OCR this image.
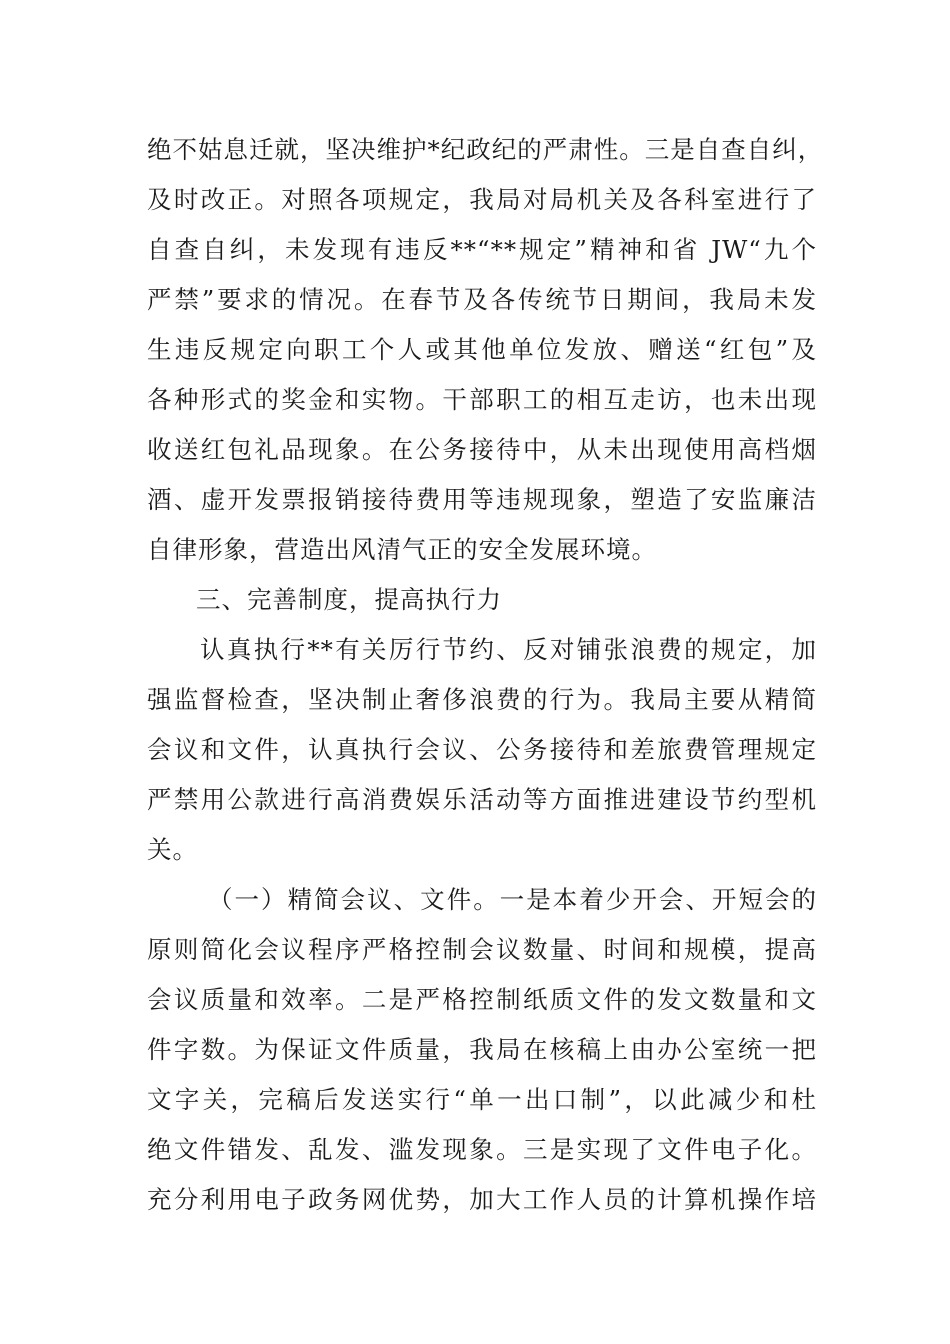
绝不姑息迁就，坚决维护*纪政纪的严肃性。三是自查自纠，
及时改正。对照各项规定，我局对局机关及各科室进行了
自查自纠，未发现有违反**“**规定”精神和省 JW“九个
严禁”要求的情况。在春节及各传统节日期间，我局未发
生违反规定向职工个人或其他单位发放、赠送“红包”及
各种形式的奖金和实物。干部职工的相互走访，也未出现
收送红包礼品现象。在公务接待中，从未出现使用高档烟
酒、虚开发票报销接待费用等违规现象，塑造了安监廉洁
自律形象，营造出风清气正的安全发展环境。
三、完善制度，提高执行力
认真执行**有关厉行节约、反对铺张浪费的规定，加
强监督检查，坚决制止奢侈浪费的行为。我局主要从精简
会议和文件，认真执行会议、公务接待和差旅费管理规定
严禁用公款进行高消费娱乐活动等方面推进建设节约型机
关。
（一）精简会议、文件。一是本着少开会、开短会的
原则简化会议程序严格控制会议数量、时间和规模，提高
会议质量和效率。二是严格控制纸质文件的发文数量和文
件字数。为保证文件质量，我局在核稿上由办公室统一把
文字关，完稿后发送实行“单一出口制”，以此减少和杜
绝文件错发、乱发、滥发现象。三是实现了文件电子化。
充分利用电子政务网优势，加大工作人员的计算机操作培
